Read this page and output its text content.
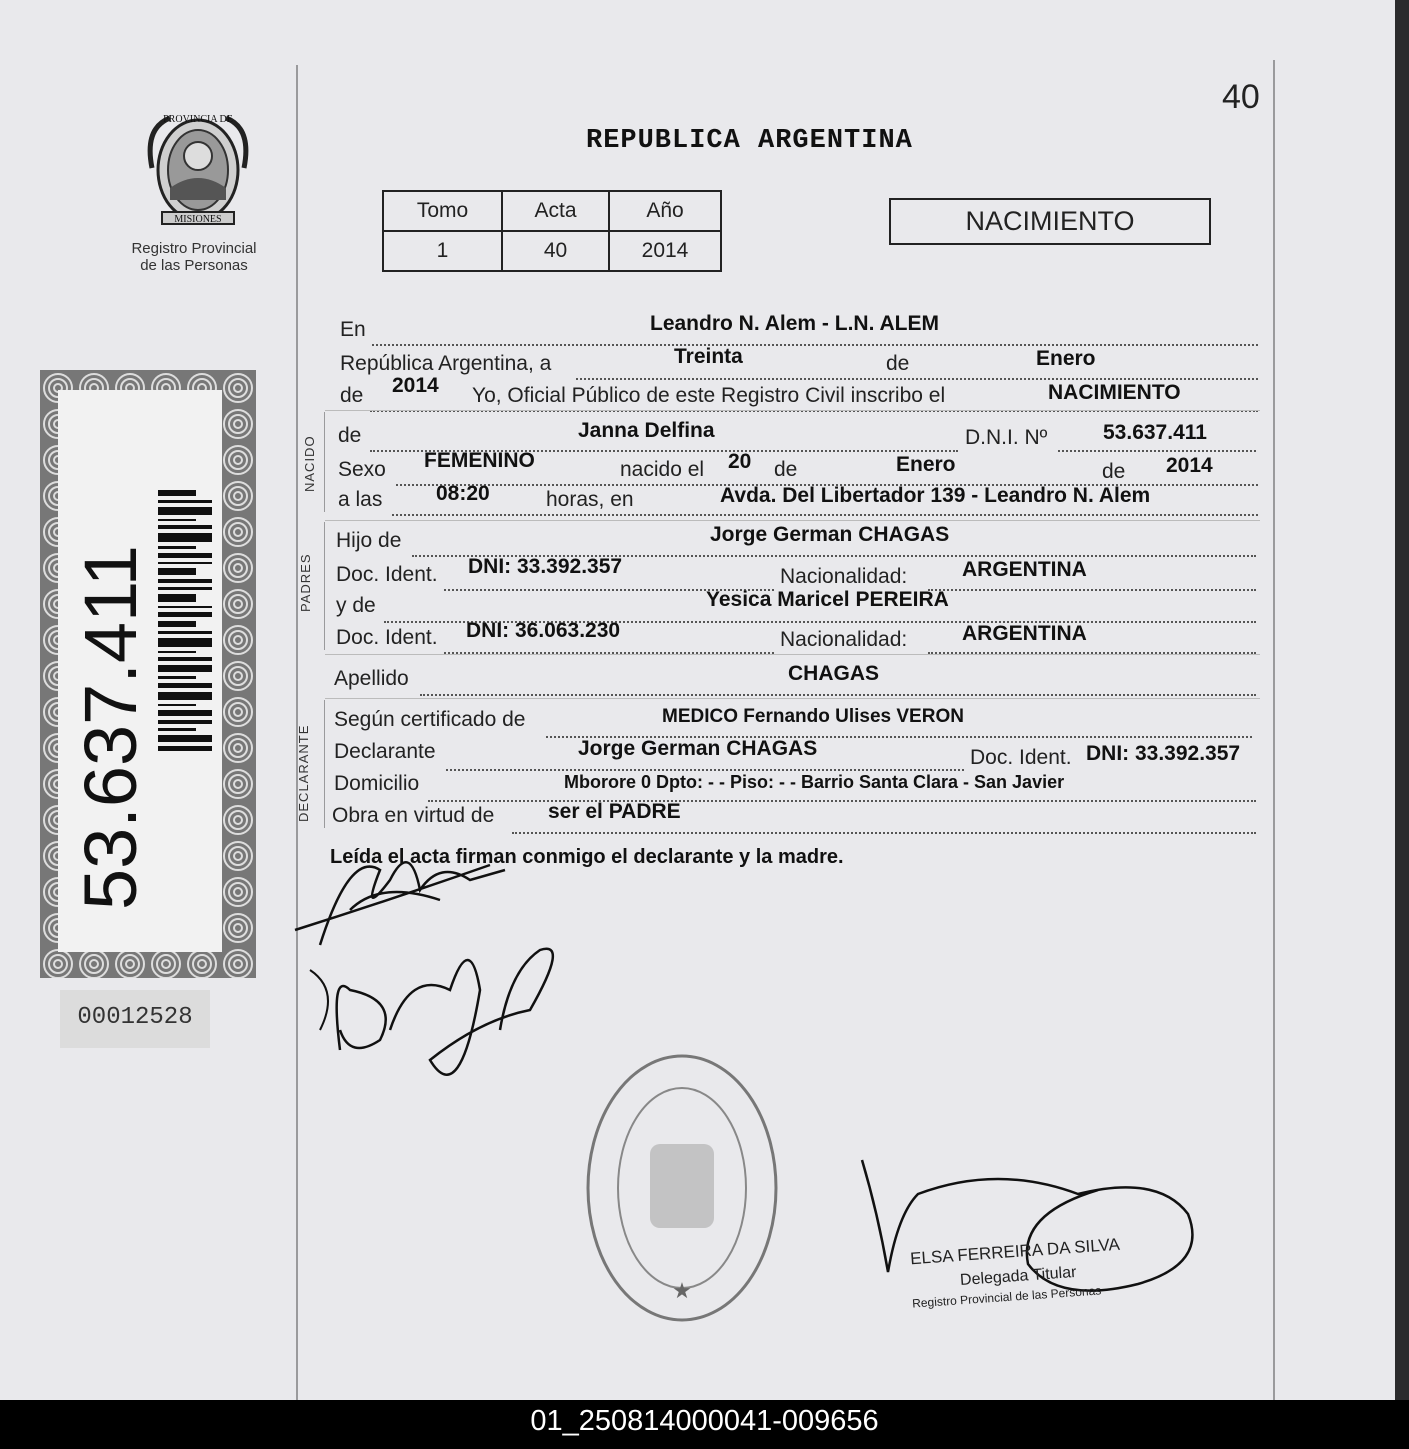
PROVINCIA DE
MISIONES
Registro Provincial
de las Personas
53.637.411
00012528
40
REPUBLICA ARGENTINA
Tomo	Acta	Año
1	40	2014
NACIMIENTO
En	Leandro N. Alem - L.N. ALEM
República Argentina, a	Treinta	de	Enero
de 2014 Yo, Oficial Público de este Registro Civil inscribo el	NACIMIENTO
NACIDO de	Janna Delfina	D.N.I. Nº	53.637.411
Sexo FEMENINO	nacido el 20 de	Enero	de 2014
a las	08:20	horas, en	Avda. Del Libertador 139 - Leandro N. Alem
PADRES
Hijo de	Jorge German CHAGAS
Doc. Ident. DNI: 33.392.357	Nacionalidad:	ARGENTINA
y de	Yesica Maricel PEREIRA
Doc. Ident. DNI: 36.063.230	Nacionalidad:	ARGENTINA
Apellido	CHAGAS
DECLARANTE
Según certificado de	MEDICO Fernando Ulises VERON
Declarante	Jorge German CHAGAS	Doc. Ident. DNI: 33.392.357
Domicilio	Mborore 0 Dpto: - - Piso: - - Barrio Santa Clara - San Javier
Obra en virtud de	ser el PADRE
Leída el acta firman conmigo el declarante y la madre.
★
ELSA FERREIRA DA SILVA
Delegada Titular
Registro Provincial de las Personas
01_250814000041-009656
